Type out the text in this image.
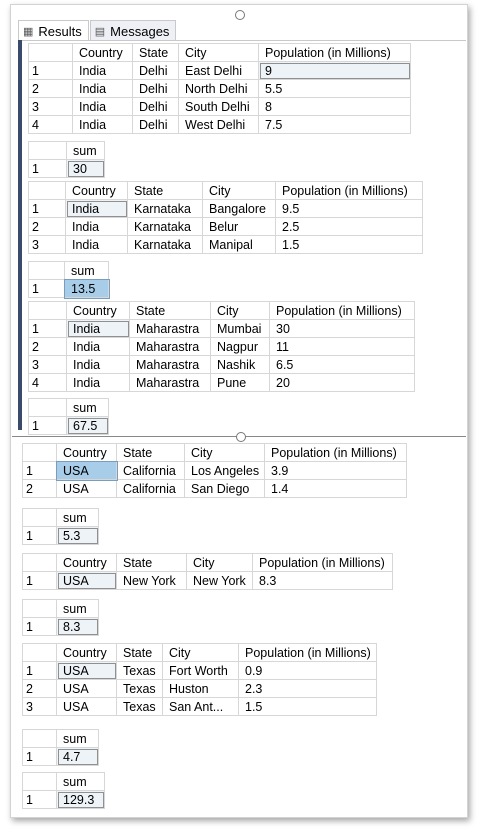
▦ Results ▤ Messages
	Country	State	City	Population (in Millions)
1	India	Delhi	East Delhi	9
2	India	Delhi	North Delhi	5.5
3	India	Delhi	South Delhi	8
4	India	Delhi	West Delhi	7.5
	sum
1	30
	Country	State	City	Population (in Millions)
1	India	Karnataka	Bangalore	9.5
2	India	Karnataka	Belur	2.5
3	India	Karnataka	Manipal	1.5
	sum
1	13.5
	Country	State	City	Population (in Millions)
1	India	Maharastra	Mumbai	30
2	India	Maharastra	Nagpur	11
3	India	Maharastra	Nashik	6.5
4	India	Maharastra	Pune	20
	sum
1	67.5
	Country	State	City	Population (in Millions)
1	USA	California	Los Angeles	3.9
2	USA	California	San Diego	1.4
	sum
1	5.3
	Country	State	City	Population (in Millions)
1	USA	New York	New York	8.3
	sum
1	8.3
	Country	State	City	Population (in Millions)
1	USA	Texas	Fort Worth	0.9
2	USA	Texas	Huston	2.3
3	USA	Texas	San Ant...	1.5
	sum
1	4.7
	sum
1	129.3
